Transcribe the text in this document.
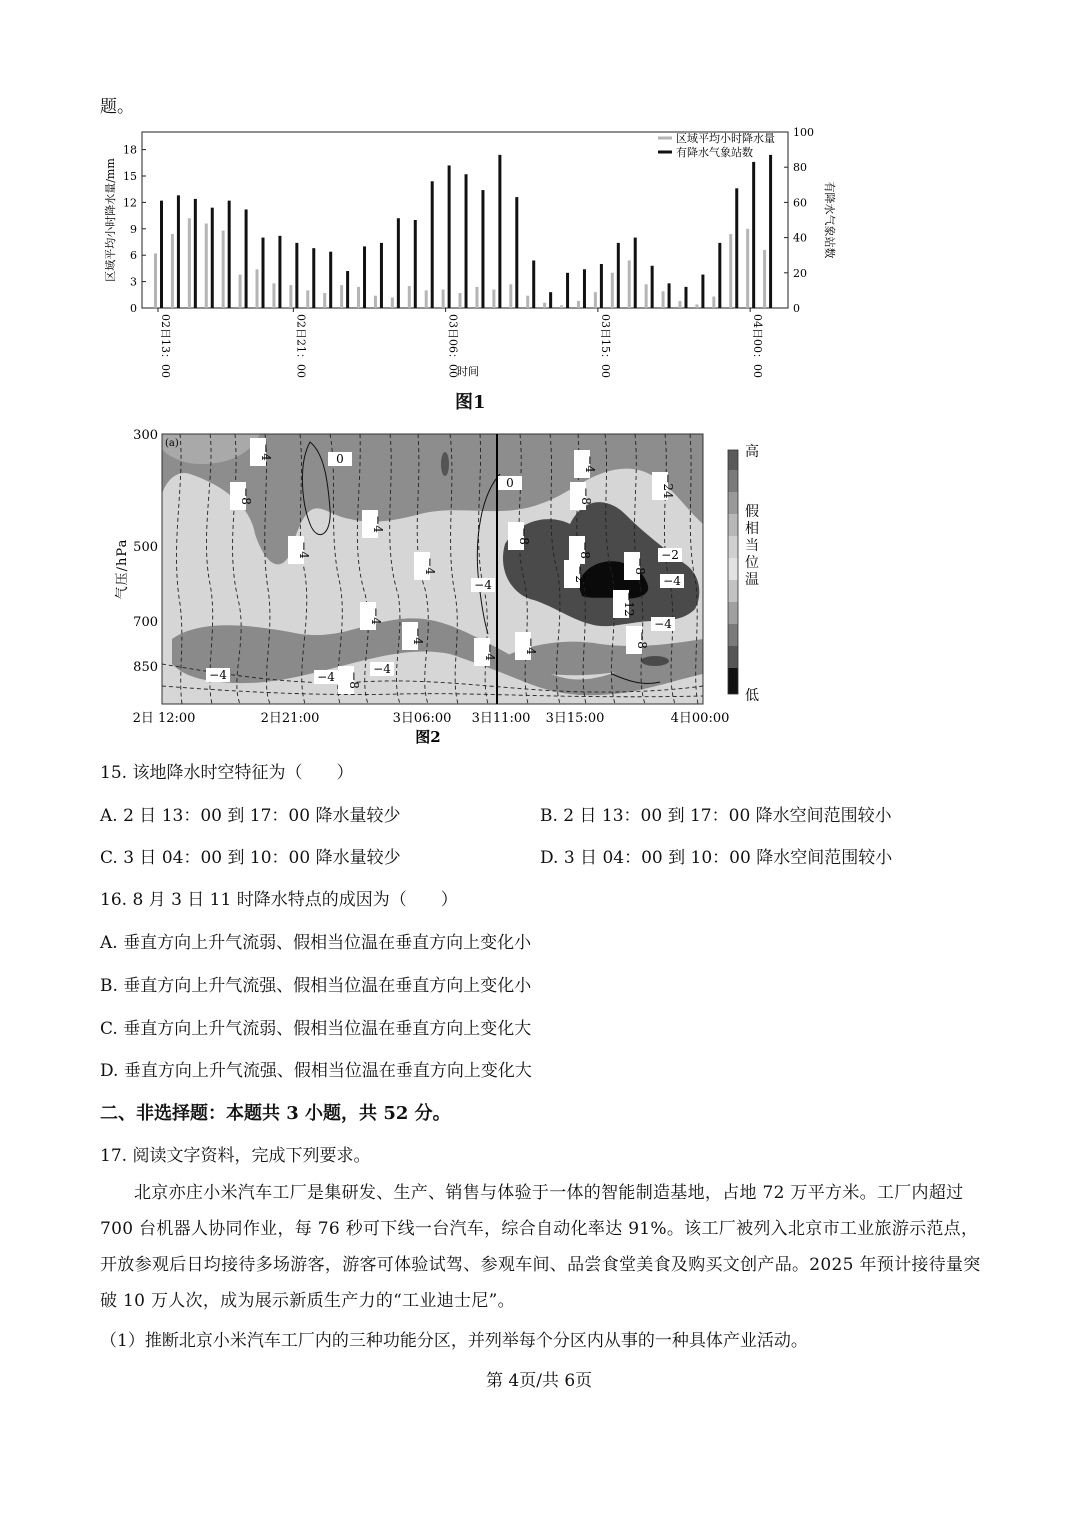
题。
0
3
6
9
12
15
18
0
20
40
60
80
100
02日13：00	02日21：00	03日06：00	03日15：00	04日00：00
时间
区域平均小时降水量/mm	有降水气象站数
区域平均小时降水量
有降水气象站数
图1
300
500
700
850
(a)
气压/hPa
2日 12:00	2日21:00	3日06:00 3日11:00 3日15:00	4日00:00
图2
高
低
假
相
当
位
温
−4
−8
0
−4
−4
−4
−4
−4
−4	−8
−4
−4
−4
0
−4
−8
−8
−4
−8
−8
−2
−24
−2
−4
−12
−4
−8
−4
15. 该地降水时空特征为（　　）
A. 2 日 13：00 到 17：00 降水量较少	B. 2 日 13：00 到 17：00 降水空间范围较小
C. 3 日 04：00 到 10：00 降水量较少	D. 3 日 04：00 到 10：00 降水空间范围较小
16. 8 月 3 日 11 时降水特点的成因为（　　）
A. 垂直方向上升气流弱、假相当位温在垂直方向上变化小
B. 垂直方向上升气流强、假相当位温在垂直方向上变化小
C. 垂直方向上升气流弱、假相当位温在垂直方向上变化大
D. 垂直方向上升气流强、假相当位温在垂直方向上变化大
二、非选择题：本题共 3 小题，共 52 分。
17. 阅读文字资料，完成下列要求。
北京亦庄小米汽车工厂是集研发、生产、销售与体验于一体的智能制造基地，占地 72 万平方米。工厂内超过 700 台机器人协同作业，每 76 秒可下线一台汽车，综合自动化率达 91%。该工厂被列入北京市工业旅游示范点，开放参观后日均接待多场游客，游客可体验试驾、参观车间、品尝食堂美食及购买文创产品。2025 年预计接待量突破 10 万人次，成为展示新质生产力的“工业迪士尼”。
（1）推断北京小米汽车工厂内的三种功能分区，并列举每个分区内从事的一种具体产业活动。
第 4页/共 6页
